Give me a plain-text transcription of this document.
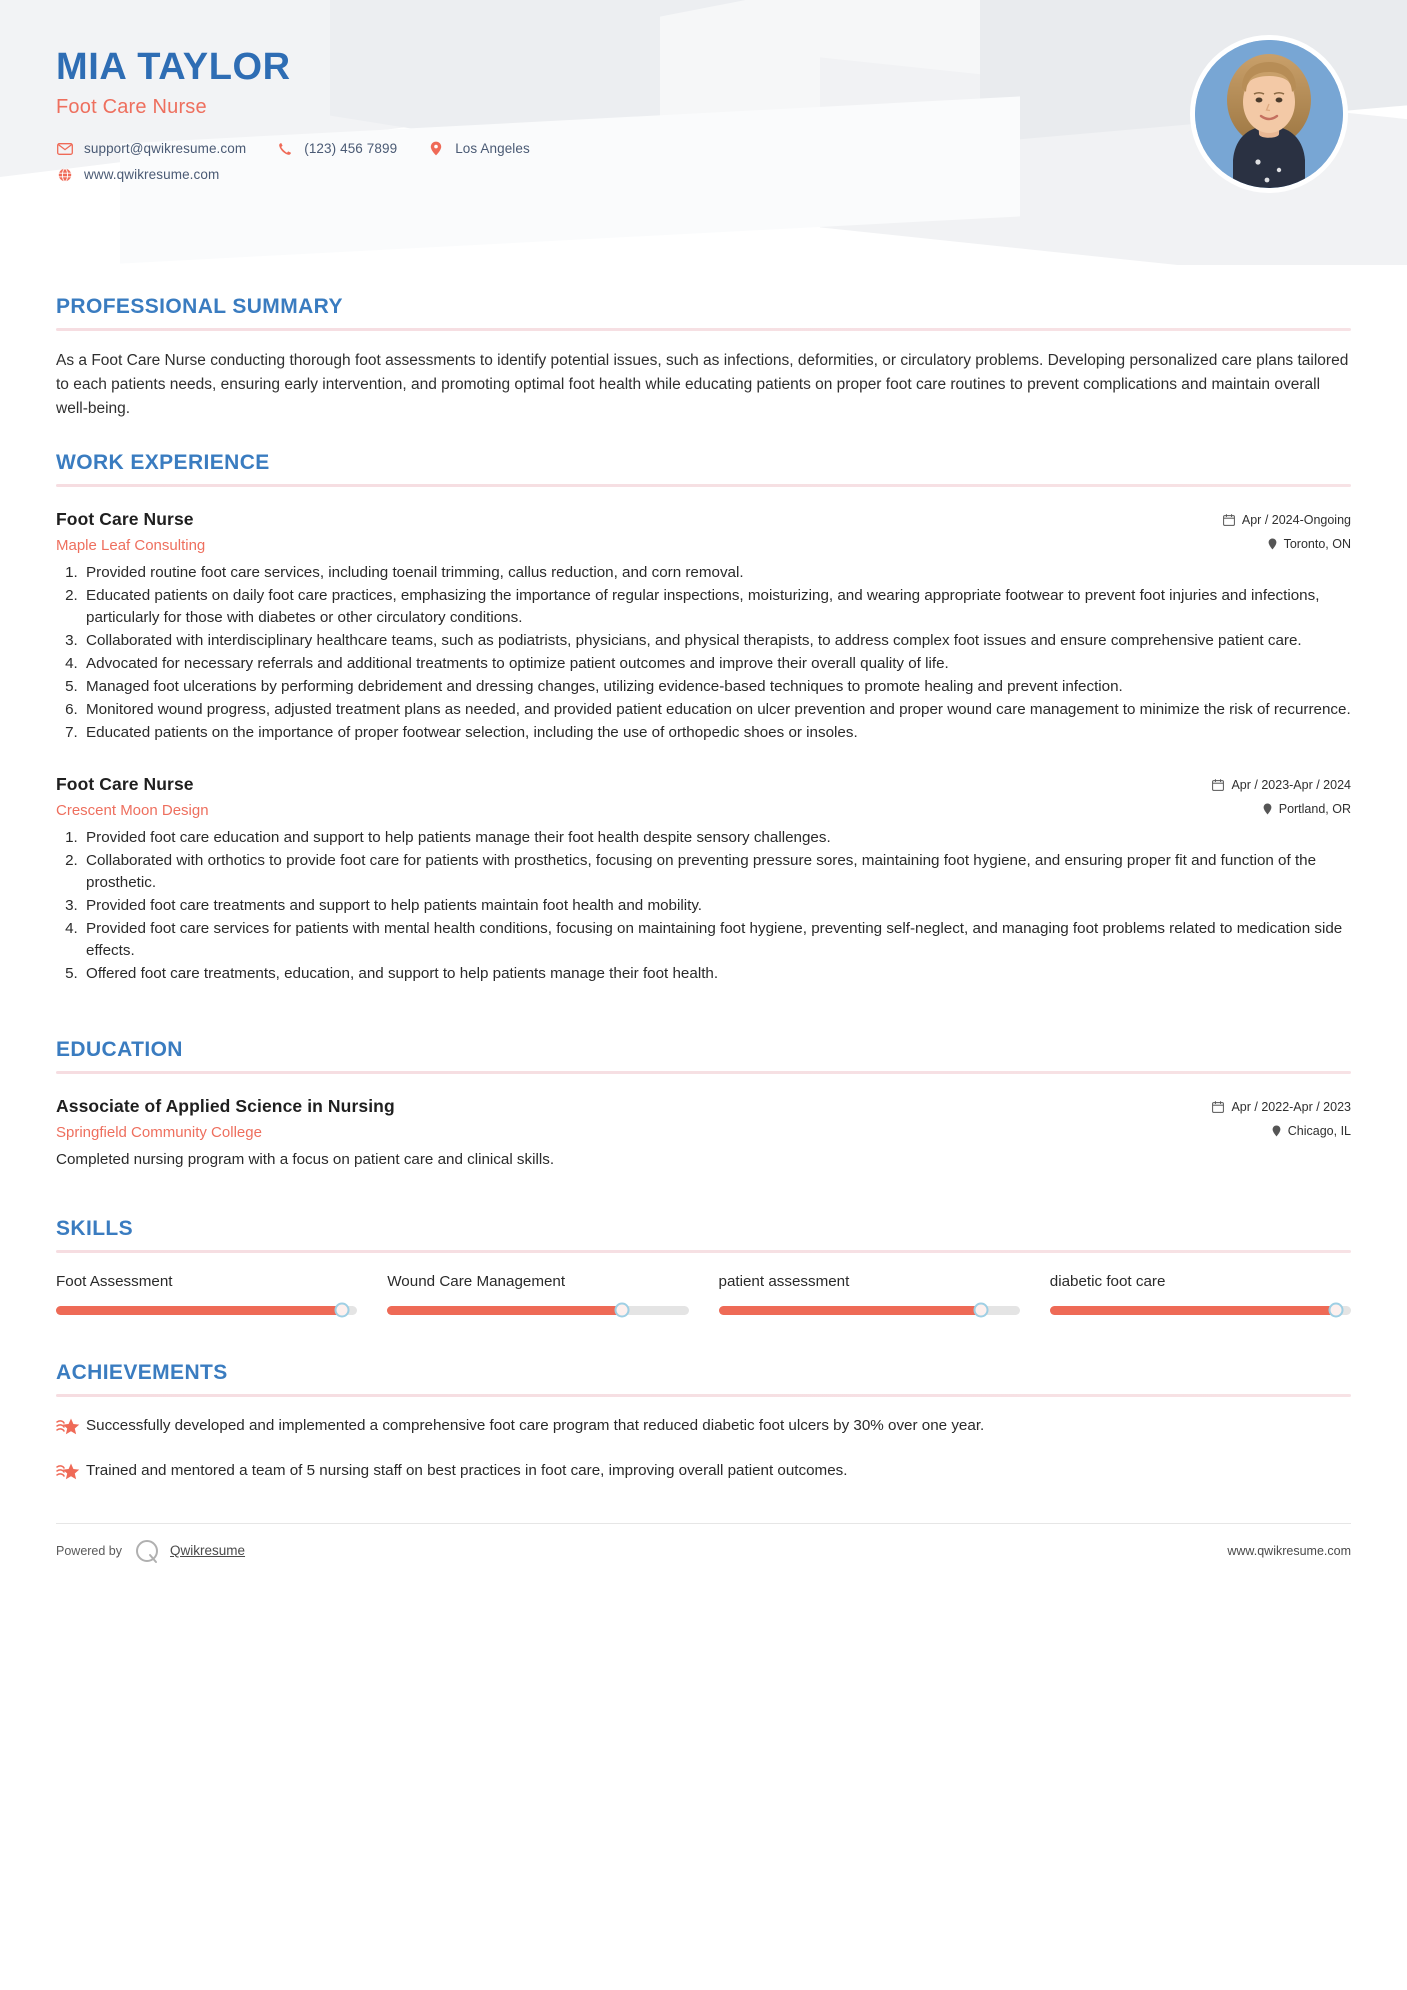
MIA TAYLOR
Foot Care Nurse
support@qwikresume.com	(123) 456 7899	Los Angeles
www.qwikresume.com
PROFESSIONAL SUMMARY

As a Foot Care Nurse conducting thorough foot assessments to identify potential issues, such as infections, deformities, or circulatory problems. Developing personalized care plans tailored to each patients needs, ensuring early intervention, and promoting optimal foot health while educating patients on proper foot care routines to prevent complications and maintain overall well-being.

WORK EXPERIENCE
Foot Care Nurse
Maple Leaf Consulting
Apr / 2024-Ongoing
Toronto, ON
1. Provided routine foot care services, including toenail trimming, callus reduction, and corn removal.
2. Educated patients on daily foot care practices, emphasizing the importance of regular inspections, moisturizing, and wearing appropriate footwear to prevent foot injuries and infections, particularly for those with diabetes or other circulatory conditions.
3. Collaborated with interdisciplinary healthcare teams, such as podiatrists, physicians, and physical therapists, to address complex foot issues and ensure comprehensive patient care.
4. Advocated for necessary referrals and additional treatments to optimize patient outcomes and improve their overall quality of life.
5. Managed foot ulcerations by performing debridement and dressing changes, utilizing evidence-based techniques to promote healing and prevent infection.
6. Monitored wound progress, adjusted treatment plans as needed, and provided patient education on ulcer prevention and proper wound care management to minimize the risk of recurrence.
7. Educated patients on the importance of proper footwear selection, including the use of orthopedic shoes or insoles.
Foot Care Nurse
Crescent Moon Design
Apr / 2023-Apr / 2024
Portland, OR
1. Provided foot care education and support to help patients manage their foot health despite sensory challenges.
2. Collaborated with orthotics to provide foot care for patients with prosthetics, focusing on preventing pressure sores, maintaining foot hygiene, and ensuring proper fit and function of the prosthetic.
3. Provided foot care treatments and support to help patients maintain foot health and mobility.
4. Provided foot care services for patients with mental health conditions, focusing on maintaining foot hygiene, preventing self-neglect, and managing foot problems related to medication side effects.
5. Offered foot care treatments, education, and support to help patients manage their foot health.
EDUCATION
Associate of Applied Science in Nursing
Springfield Community College
Apr / 2022-Apr / 2023
Chicago, IL
Completed nursing program with a focus on patient care and clinical skills.
SKILLS
Foot Assessment	Wound Care Management	patient assessment	diabetic foot care
ACHIEVEMENTS
Successfully developed and implemented a comprehensive foot care program that reduced diabetic foot ulcers by 30% over one year.
Trained and mentored a team of 5 nursing staff on best practices in foot care, improving overall patient outcomes.
Powered by	Qwikresume	www.qwikresume.com
